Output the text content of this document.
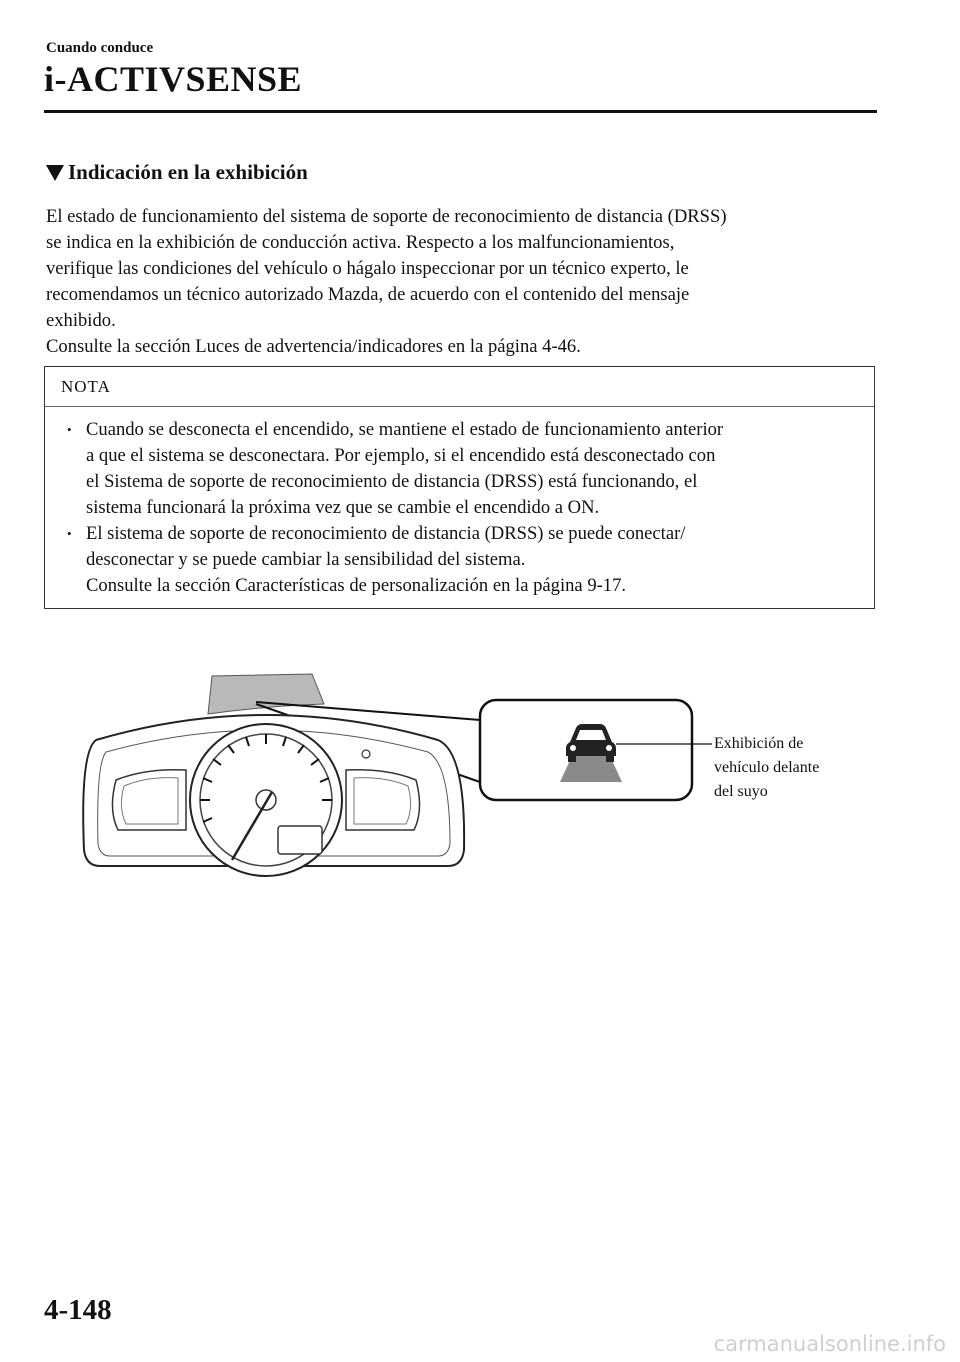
Cuando conduce
i-ACTIVSENSE
Indicación en la exhibición

El estado de funcionamiento del sistema de soporte de reconocimiento de distancia (DRSS)

se indica en la exhibición de conducción activa. Respecto a los malfuncionamientos,

verifique las condiciones del vehículo o hágalo inspeccionar por un técnico experto, le

recomendamos un técnico autorizado Mazda, de acuerdo con el contenido del mensaje

exhibido.

Consulte la sección Luces de advertencia/indicadores en la página 4-46.

NOTA
• Cuando se desconecta el encendido, se mantiene el estado de funcionamiento anterior
a que el sistema se desconectara. Por ejemplo, si el encendido está desconectado con
el Sistema de soporte de reconocimiento de distancia (DRSS) está funcionando, el
sistema funcionará la próxima vez que se cambie el encendido a ON.
• El sistema de soporte de reconocimiento de distancia (DRSS) se puede conectar/
desconectar y se puede cambiar la sensibilidad del sistema.
Consulte la sección Características de personalización en la página 9-17.
Exhibición de
vehículo delante
del suyo
4-148
carmanualsonline.info
